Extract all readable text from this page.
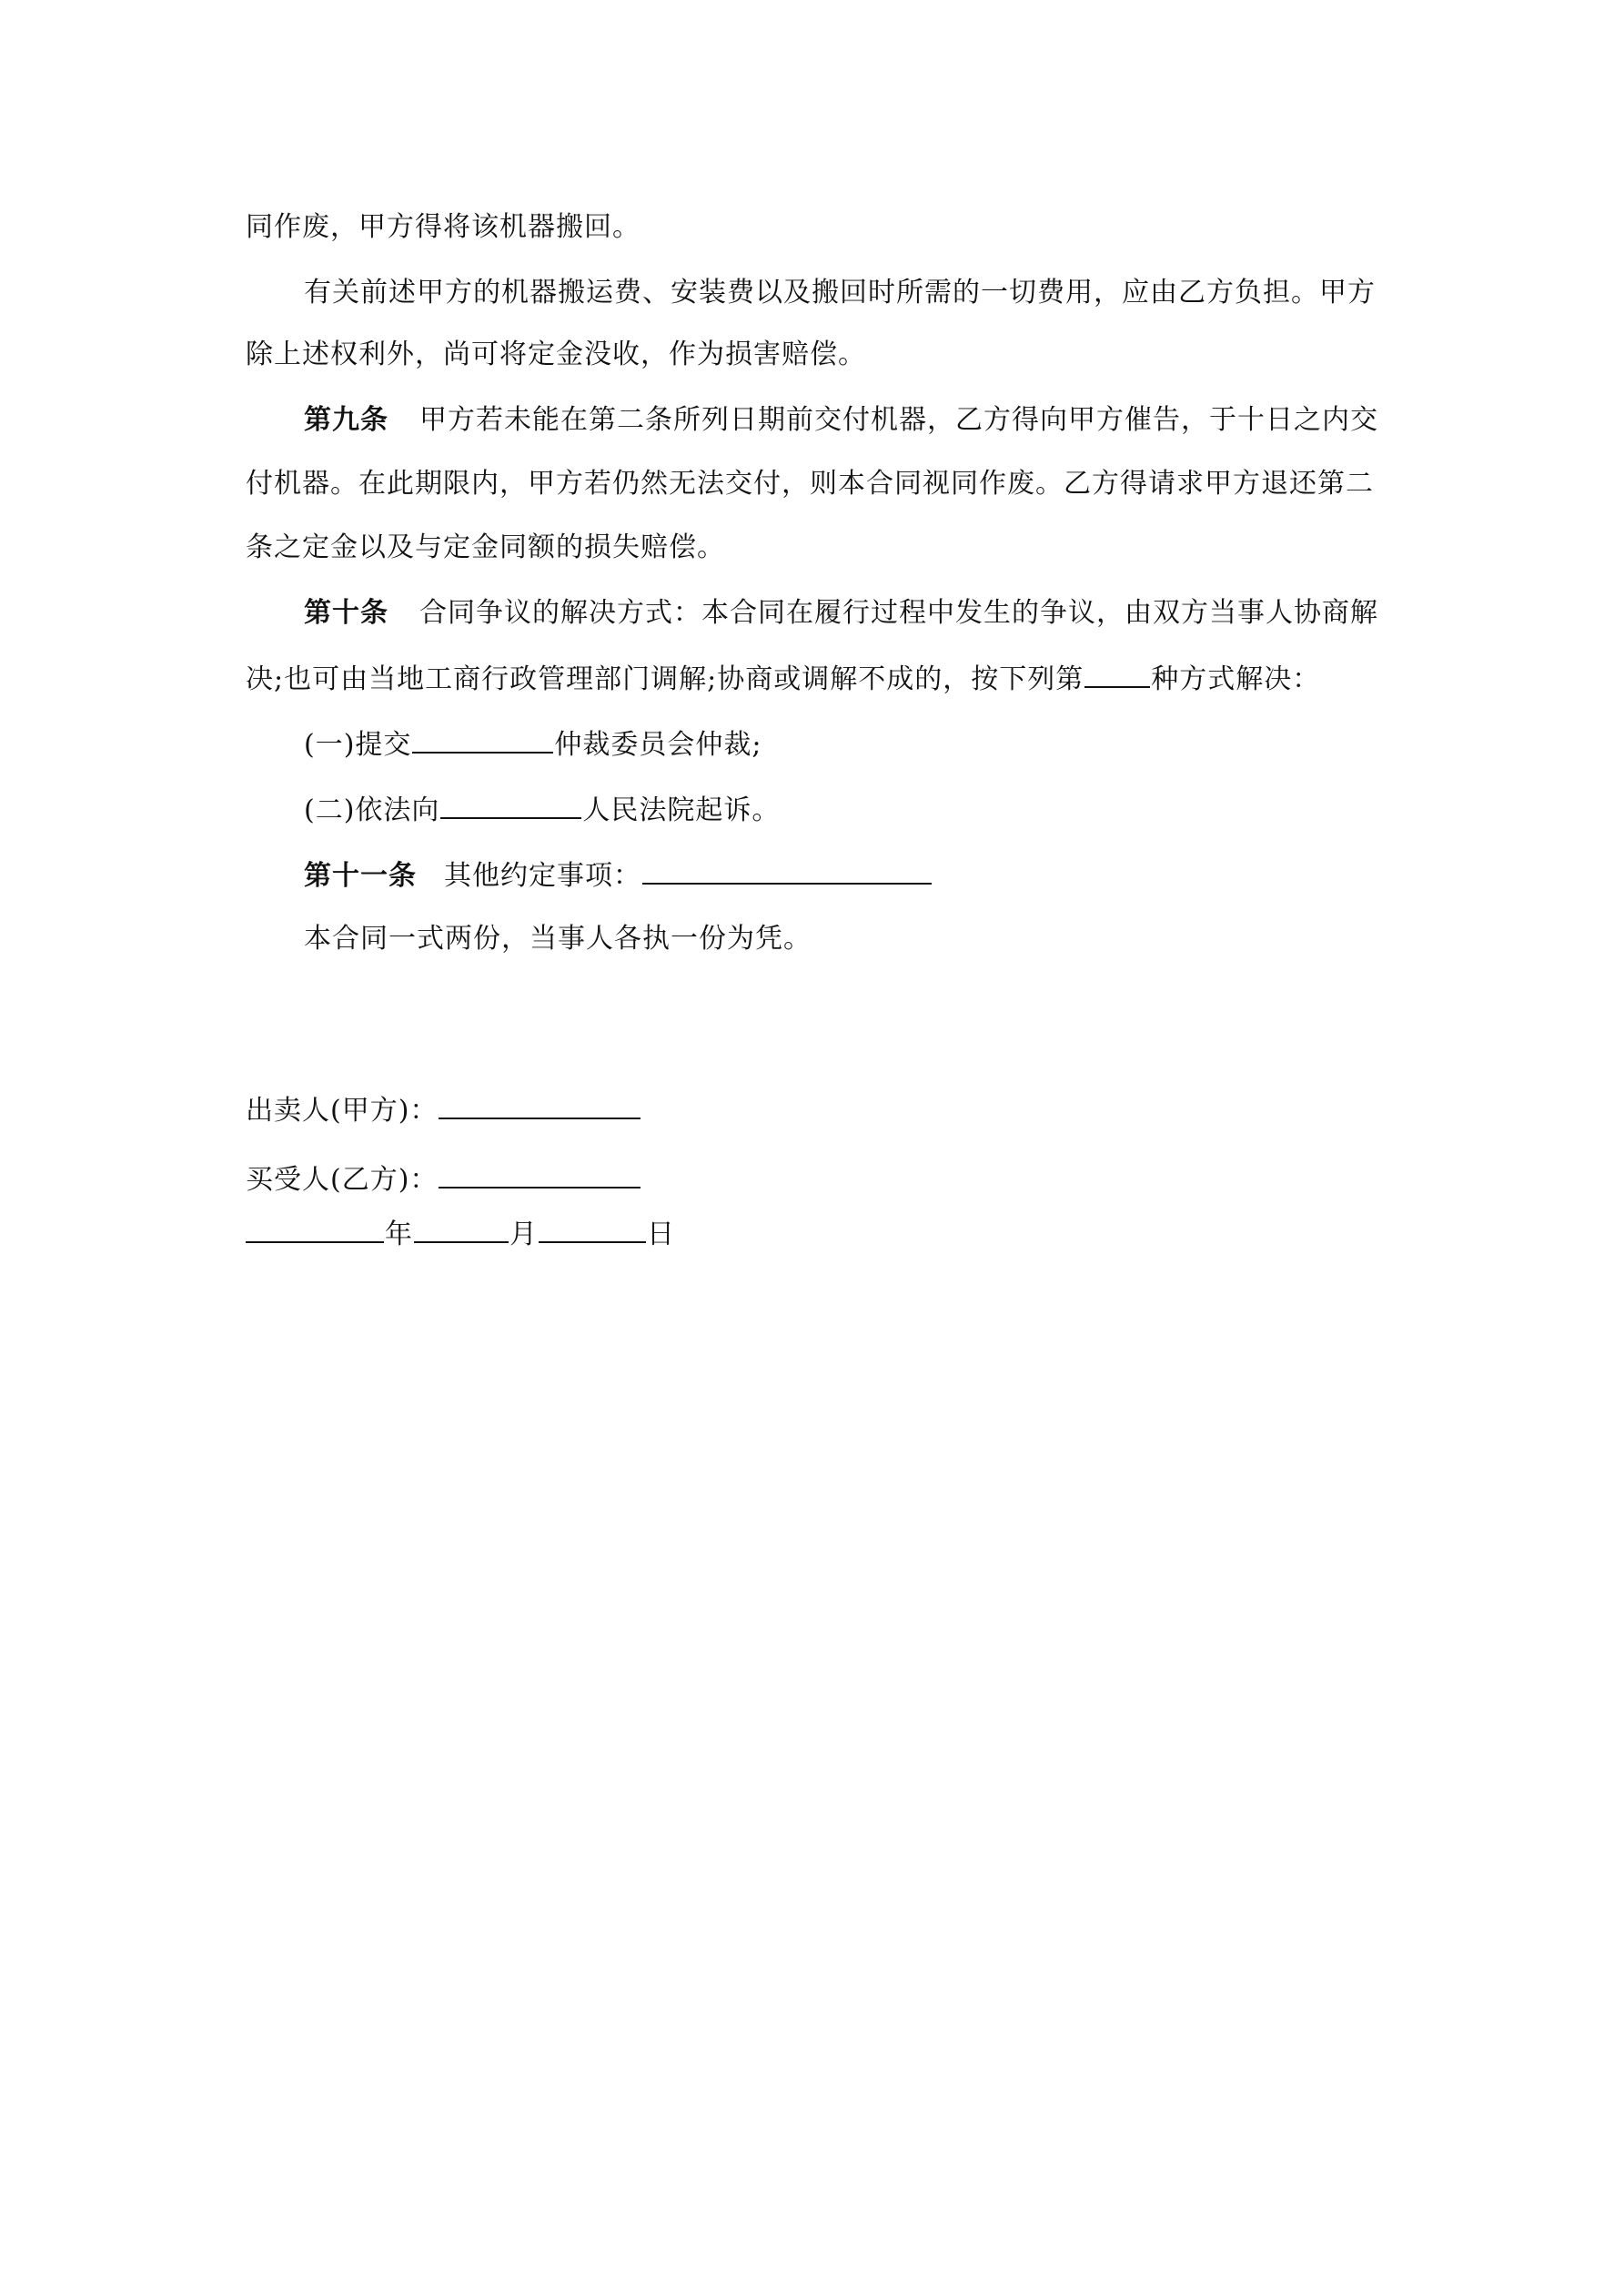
同作废，甲方得将该机器搬回。
有关前述甲方的机器搬运费、安装费以及搬回时所需的一切费用，应由乙方负担。甲方
除上述权利外，尚可将定金没收，作为损害赔偿。
第九条 甲方若未能在第二条所列日期前交付机器，乙方得向甲方催告，于十日之内交
付机器。在此期限内，甲方若仍然无法交付，则本合同视同作废。乙方得请求甲方退还第二
条之定金以及与定金同额的损失赔偿。
第十条 合同争议的解决方式：本合同在履行过程中发生的争议，由双方当事人协商解
决;也可由当地工商行政管理部门调解;协商或调解不成的，按下列第 种方式解决：
(一)提交	仲裁委员会仲裁;
(二)依法向	人民法院起诉。
第十一条 其他约定事项：
本合同一式两份，当事人各执一份为凭。
出卖人(甲方)：
买受人(乙方)：
年	月	日
